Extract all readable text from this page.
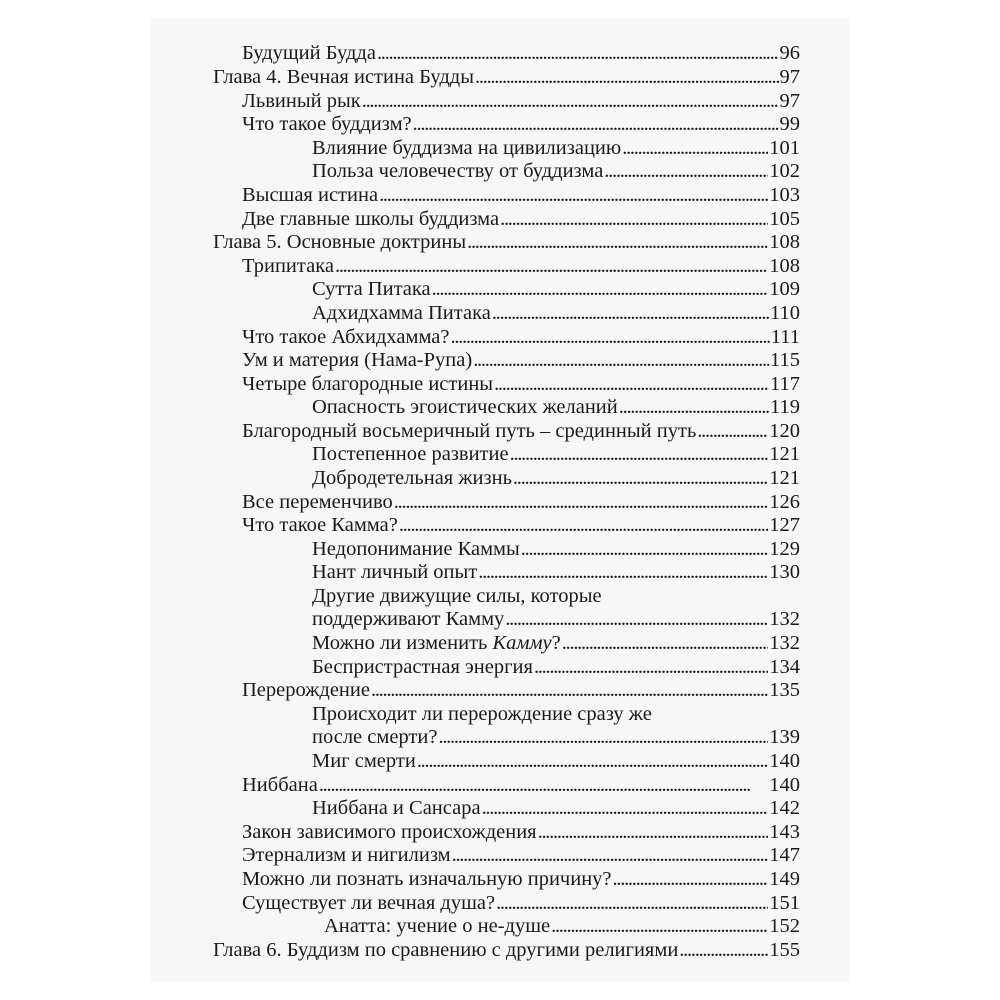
Будущий Будда . . .	96
Глава 4. Вечная истина Будды . . .	97
Львиный рык . . .	97
Что такое буддизм? . . .	99
Влияние буддизма на цивилизацию . . .	101
Польза человечеству от буддизма . . .	102
Высшая истина . . .	103
Две главные школы буддизма . . .	105
Глава 5. Основные доктрины . . .	108
Трипитака . . .	108
Сутта Питака . . .	109
Адхидхамма Питака . . .	110
Что такое Абхидхамма? . . .	111
Ум и материя (Нама-Рупа) . . .	115
Четыре благородные истины . . .	117
Опасность эгоистических желаний . . .	119
Благородный восьмеричный путь – срединный путь . . .	120
Постепенное развитие . . .	121
Добродетельная жизнь . . .	121
Все переменчиво . . .	126
Что такое Камма? . . .	127
Недопонимание Каммы . . .	129
Нант личный опыт . . .	130
Другие движущие силы, которые
поддерживают Камму . . .	132
Можно ли изменить Камму? . . .	132
Беспристрастная энергия . . .	134
Перерождение . . .	135
Происходит ли перерождение сразу же
после смерти? . . .	139
Миг смерти . . .	140
Ниббана . . .	140
Ниббана и Сансара . . .	142
Закон зависимого происхождения . . .	143
Этернализм и нигилизм . . .	147
Можно ли познать изначальную причину? . . .	149
Существует ли вечная душа? . . .	151
Анатта: учение о не-душе . . .	152
Глава 6. Буддизм по сравнению с другими религиями . . .	155
